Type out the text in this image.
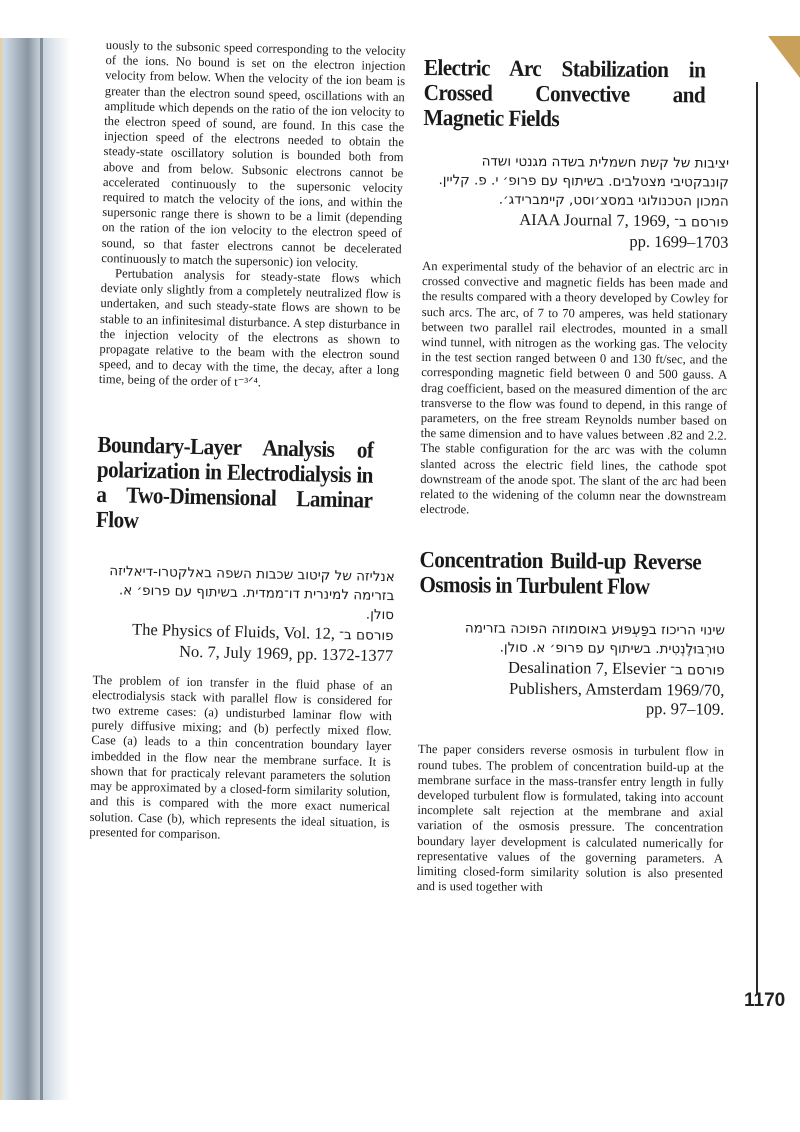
uously to the subsonic speed corresponding to the velocity of the ions. No bound is set on the electron injection velocity from below. When the velocity of the ion beam is greater than the electron sound speed, oscillations with an amplitude which depends on the ratio of the ion velocity to the electron speed of sound, are found. In this case the injection speed of the electrons needed to obtain the steady-state oscillatory solution is bounded both from above and from below. Subsonic electrons cannot be accelerated continuously to the supersonic velocity required to match the velocity of the ions, and within the supersonic range there is shown to be a limit (depending on the ration of the ion velocity to the electron speed of sound, so that faster electrons cannot be decelerated continuously to match the supersonic) ion velocity.

Pertubation analysis for steady-state flows which deviate only slightly from a completely neutralized flow is undertaken, and such steady-state flows are shown to be stable to an infinitesimal disturbance. A step disturbance in the injection velocity of the electrons as shown to propagate relative to the beam with the electron sound speed, and to decay with the time, the decay, after a long time, being of the order of t⁻³ᐟ⁴.

Boundary-Layer Analysis of polarization in Electrodialysis in a Two-Dimensional Laminar Flow

אנליזה של קיטוב שכבות השפה באלקטרו-דיאליזה בזרימה למינרית דו־ממדית. בשיתוף עם פרופ׳ א. סולן.

The Physics of Fluids, Vol. 12, פורסם ב־
No. 7, July 1969, pp. 1372-1377

The problem of ion transfer in the fluid phase of an electrodialysis stack with parallel flow is considered for two extreme cases: (a) undisturbed laminar flow with purely diffusive mixing; and (b) perfectly mixed flow. Case (a) leads to a thin concentration boundary layer imbedded in the flow near the membrane surface. It is shown that for practicaly relevant parameters the solution may be approximated by a closed-form similarity solution, and this is compared with the more exact numerical solution. Case (b), which represents the ideal situation, is presented for comparison.

Electric Arc Stabilization in Crossed Convective and Magnetic Fields

יציבות של קשת חשמלית בשדה מגנטי ושדה קונבקטיבי מצטלבים. בשיתוף עם פרופ׳ י. פ. קליין. המכון הטכנולוגי במסצ׳וסט, קיימברידג׳.

AIAA Journal 7, 1969, פורסם ב־
pp. 1699–1703

An experimental study of the behavior of an electric arc in crossed convective and magnetic fields has been made and the results compared with a theory developed by Cowley for such arcs. The arc, of 7 to 70 amperes, was held stationary between two parallel rail electrodes, mounted in a small wind tunnel, with nitrogen as the working gas. The velocity in the test section ranged between 0 and 130 ft/sec, and the corresponding magnetic field between 0 and 500 gauss. A drag coefficient, based on the measured dimention of the arc transverse to the flow was found to depend, in this range of parameters, on the free stream Reynolds number based on the same dimension and to have values between .82 and 2.2. The stable configuration for the arc was with the column slanted across the electric field lines, the cathode spot downstream of the anode spot. The slant of the arc had been related to the widening of the column near the downstream electrode.

Concentration Build-up Reverse Osmosis in Turbulent Flow

שינוי הריכוז בפַּעְפּוּע באוסמוזה הפוכה בזרימה טוּרְבּוּלֶנְטִית. בשיתוף עם פרופ׳ א. סולן.

Desalination 7, Elsevier פורסם ב־
Publishers, Amsterdam 1969/70,
pp. 97–109.

The paper considers reverse osmosis in turbulent flow in round tubes. The problem of concentration build-up at the membrane surface in the mass-transfer entry length in fully developed turbulent flow is formulated, taking into account incomplete salt rejection at the membrane and axial variation of the osmosis pressure. The concentration boundary layer development is calculated numerically for representative values of the governing parameters. A limiting closed-form similarity solution is also presented and is used together with

1170
